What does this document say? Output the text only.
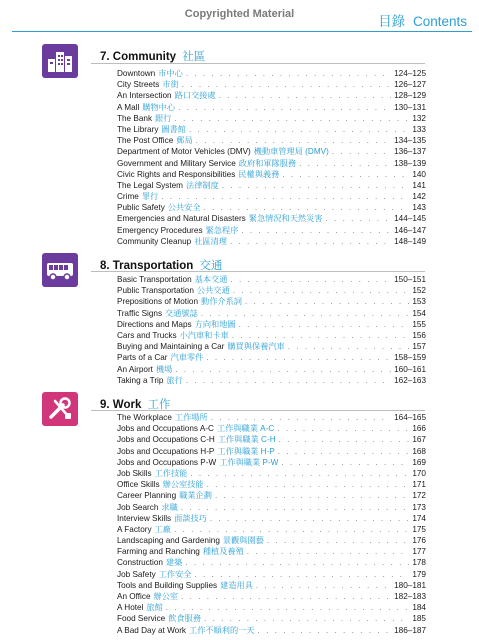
Copyrighted Material	目錄 Contents
7. Community 社區
Downtown 市中心 . . .	124–125
City Streets 市街 . . .	126–127
An Intersection 路口交接處 . . .	128–129
A Mall 購物中心 . . .	130–131
The Bank 銀行 . . .	132
The Library 圖書館 . . .	133
The Post Office 郵局 . . .	134–135
Department of Motor Vehicles (DMV) 機動車管理局 (DMV) . . .	136–137
Government and Military Service 政府和軍隊服務 . . .	138–139
Civic Rights and Responsibilities 民權與義務 . . .	140
The Legal System 法律制度 . . .	141
Crime 罪行 . . .	142
Public Safety 公共安全 . . .	143
Emergencies and Natural Disasters 緊急情況和天然災害 . . .	144–145
Emergency Procedures 緊急程序 . . .	146–147
Community Cleanup 社區清理 . . .	148–149
8. Transportation 交通
Basic Transportation 基本交通 . . .	150–151
Public Transportation 公共交通 . . .	152
Prepositions of Motion 動作介系詞 . . .	153
Traffic Signs 交通號誌 . . .	154
Directions and Maps 方向和地圖 . . .	155
Cars and Trucks 小汽車和卡車 . . .	156
Buying and Maintaining a Car 購買與保養汽車 . . .	157
Parts of a Car 汽車零件 . . .	158–159
An Airport 機場 . . .	160–161
Taking a Trip 旅行 . . .	162–163
9. Work 工作
The Workplace 工作場所 . . .	164–165
Jobs and Occupations A-C 工作與職業 A-C . . .	166
Jobs and Occupations C-H 工作與職業 C-H . . .	167
Jobs and Occupations H-P 工作與職業 H-P . . .	168
Jobs and Occupations P-W 工作與職業 P-W . . .	169
Job Skills 工作技能 . . .	170
Office Skills 辦公室技能 . . .	171
Career Planning 職業企劃 . . .	172
Job Search 求職 . . .	173
Interview Skills 面談技巧 . . .	174
A Factory 工廠 . . .	175
Landscaping and Gardening 景觀與園藝 . . .	176
Farming and Ranching 種植及養殖 . . .	177
Construction 建築 . . .	178
Job Safety 工作安全 . . .	179
Tools and Building Supplies 建造用具 . . .	180–181
An Office 辦公室 . . .	182–183
A Hotel 旅館 . . .	184
Food Service 飲食服務 . . .	185
A Bad Day at Work 工作不順利的一天 . . .	186–187
